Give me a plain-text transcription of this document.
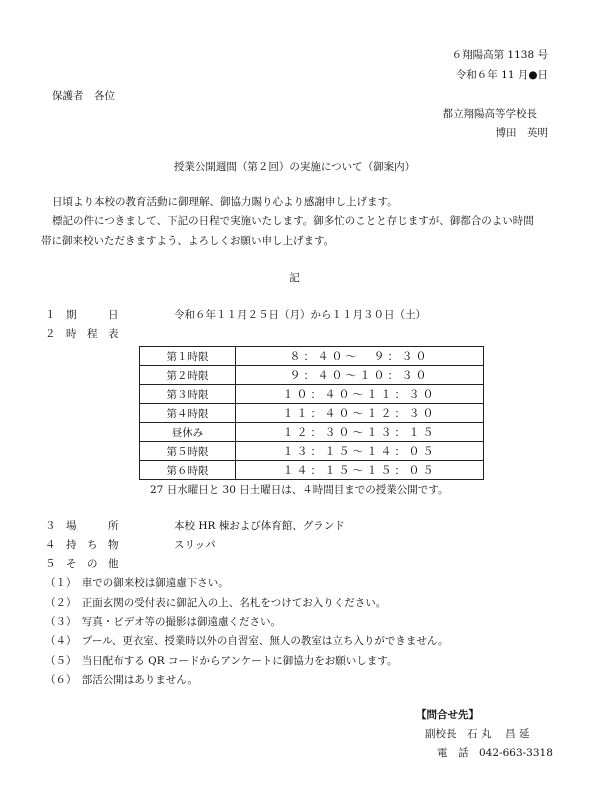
６翔陽高第 1138 号
令和６年 11 月●日
保護者　各位
都立翔陽高等学校長
博田　英明
授業公開週間（第２回）の実施について（御案内）
日頃より本校の教育活動に御理解、御協力賜り心より感謝申し上げます。
標記の件につきまして、下記の日程で実施いたします。御多忙のことと存じますが、御都合のよい時間
帯に御来校いただきますよう、よろしくお願い申し上げます。
記
１ 期　　　日	令和６年１１月２５日（月）から１１月３０日（土）
２ 時　程　表
第１時限	８：４０～　９：３０
第２時限	９：４０～１０：３０
第３時限	１０：４０～１１：３０
第４時限	１１：４０～１２：３０
昼休み	１２：３０～１３：１５
第５時限	１３：１５～１４：０５
第６時限	１４：１５～１５：０５
27 日水曜日と 30 日土曜日は、４時間目までの授業公開です。
３ 場　　　所	本校 HR 棟および体育館、グランド
４ 持　ち　物	スリッパ
５ そ　の　他
（１）　車での御来校は御遠慮下さい。
（２）　正面玄関の受付表に御記入の上、名札をつけてお入りください。
（３）　写真・ビデオ等の撮影は御遠慮ください。
（４）　プール、更衣室、授業時以外の自習室、無人の教室は立ち入りができません。
（５）　当日配布する QR コードからアンケートに御協力をお願いします。
（６）　部活公開はありません。
【問合せ先】
副校長　石 丸　 昌 延
電　話　042-663-3318
